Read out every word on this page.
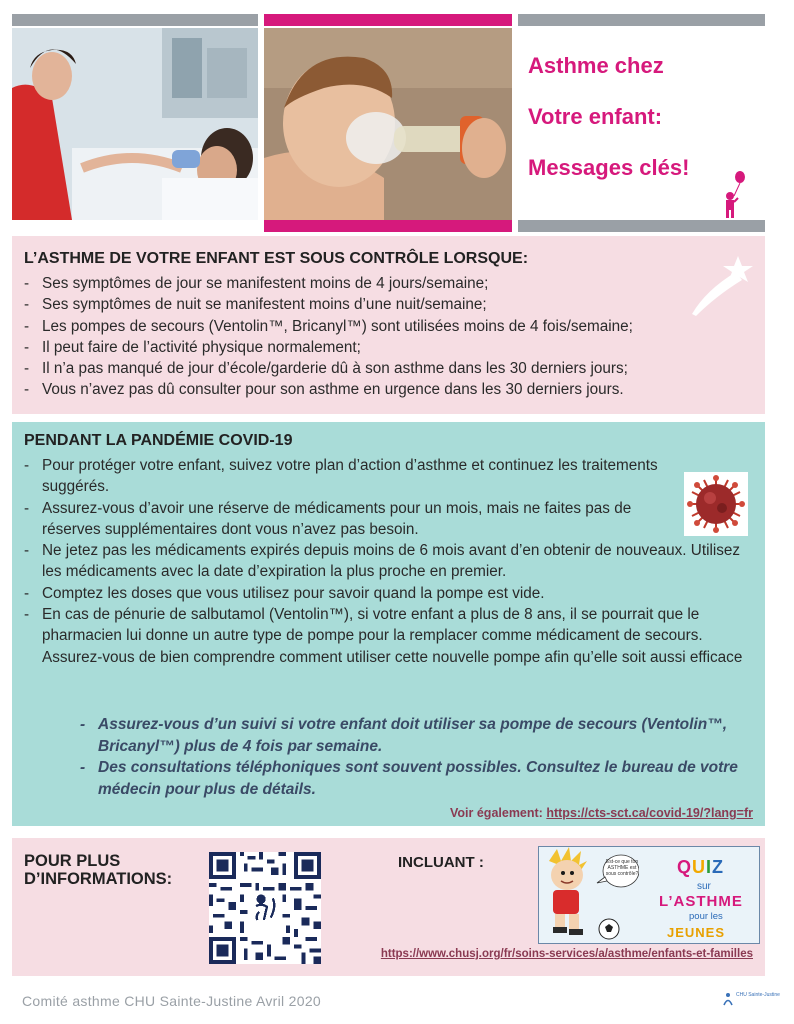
Asthme chez
Votre enfant:
Messages clés!
L’ASTHME DE VOTRE ENFANT EST SOUS CONTRÔLE LORSQUE:
- Ses symptômes de jour se manifestent moins de 4 jours/semaine;
- Ses symptômes de nuit se manifestent moins d’une nuit/semaine;
- Les pompes de secours (Ventolin™, Bricanyl™) sont utilisées moins de 4 fois/semaine;
- Il peut faire de l’activité physique normalement;
- Il n’a pas manqué de jour d’école/garderie dû à son asthme dans les 30 derniers jours;
- Vous n’avez pas dû consulter pour son asthme en urgence dans les 30 derniers jours.
PENDANT LA PANDÉMIE COVID-19
- Pour protéger votre enfant, suivez votre plan d’action d’asthme et continuez les traitements suggérés.
- Assurez-vous d’avoir une réserve de médicaments pour un mois, mais ne faites pas de réserves supplémentaires dont vous n’avez pas besoin.
- Ne jetez pas les médicaments expirés depuis moins de 6 mois avant d’en obtenir de nouveaux. Utilisez les médicaments avec la date d’expiration la plus proche en premier.
- Comptez les doses que vous utilisez pour savoir quand la pompe est vide.
- En cas de pénurie de salbutamol (Ventolin™), si votre enfant a plus de 8 ans, il se pourrait que le pharmacien lui donne un autre type de pompe pour la remplacer comme médicament de secours. Assurez-vous de bien comprendre comment utiliser cette nouvelle pompe afin qu’elle soit aussi efficace
- Assurez-vous d’un suivi si votre enfant doit utiliser sa pompe de secours (Ventolin™, Bricanyl™) plus de 4 fois par semaine.
- Des consultations téléphoniques sont souvent possibles. Consultez le bureau de votre médecin pour plus de détails.
Voir également: https://cts-sct.ca/covid-19/?lang=fr
POUR PLUS
D’INFORMATIONS:
INCLUANT :	Est-ce que ton ASTHME est sous contrôle? QUIZ
sur
L’ASTHME
pour les
JEUNES
https://www.chusj.org/fr/soins-services/a/asthme/enfants-et-familles
Comité asthme CHU Sainte-Justine Avril 2020	CHU Sainte-Justine
